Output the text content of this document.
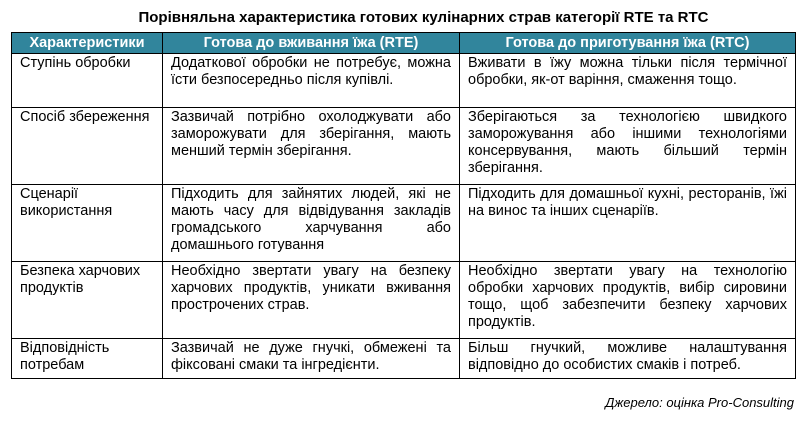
Порівняльна характеристика готових кулінарних страв категорії RTE та RTC
Характеристики	Готова до вживання їжа (RTE)	Готова до приготування їжа (RTC)
Ступінь обробки	Додаткової обробки не потребує, можна їсти безпосередньо після купівлі.	Вживати в їжу можна тільки після термічної обробки, як-от варіння, смаження тощо.
Спосіб збереження	Зазвичай потрібно охолоджувати або заморожувати для зберігання, мають менший термін зберігання.	Зберігаються за технологією швидкого заморожування або іншими технологіями консервування, мають більший термін зберігання.
Сценарії використання	Підходить для зайнятих людей, які не мають часу для відвідування закладів громадського харчування або домашнього готування	Підходить для домашньої кухні, ресторанів, їжі на винос та інших сценаріїв.
Безпека харчових продуктів	Необхідно звертати увагу на безпеку харчових продуктів, уникати вживання прострочених страв.	Необхідно звертати увагу на технологію обробки харчових продуктів, вибір сировини тощо, щоб забезпечити безпеку харчових продуктів.
Відповідність потребам	Зазвичай не дуже гнучкі, обмежені та фіксовані смаки та інгредієнти.	Більш гнучкий, можливе налаштування відповідно до особистих смаків і потреб.
Джерело: оцінка Pro-Consulting
